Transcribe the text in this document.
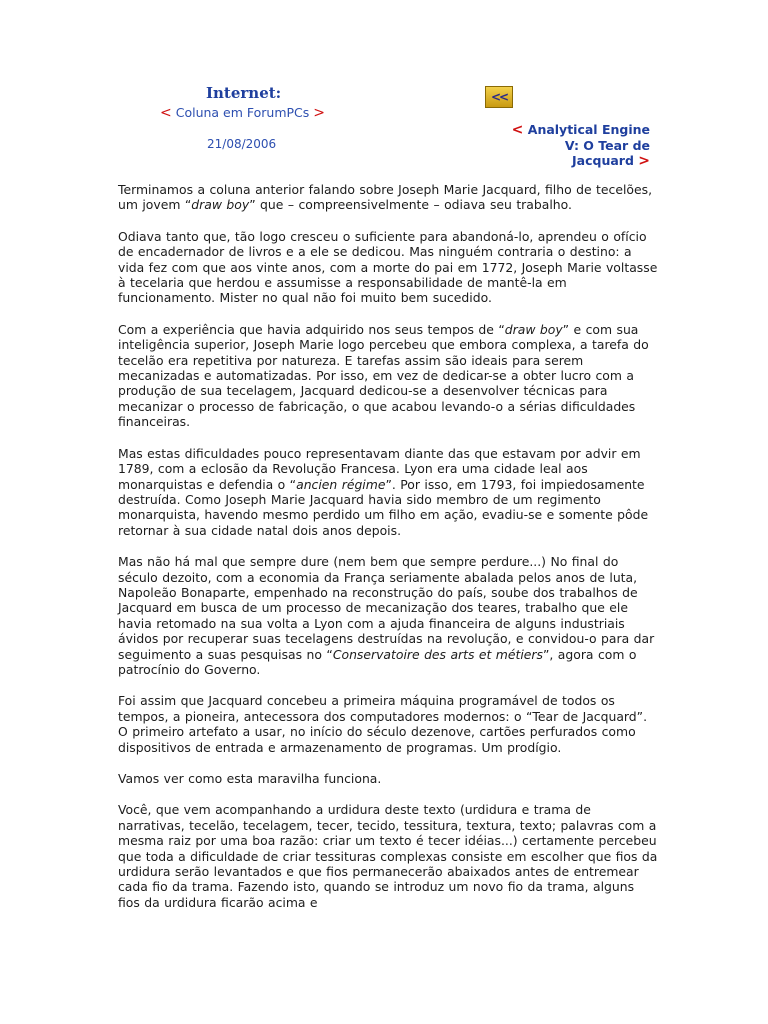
Internet:
< Coluna em ForumPCs >
21/08/2006
<<
< Analytical Engine V: O Tear de Jacquard >

Terminamos a coluna anterior falando sobre Joseph Marie Jacquard, filho de tecelões, um jovem “draw boy” que – compreensivelmente – odiava seu trabalho.

Odiava tanto que, tão logo cresceu o suficiente para abandoná-lo, aprendeu o ofício de encadernador de livros e a ele se dedicou. Mas ninguém contraria o destino: a vida fez com que aos vinte anos, com a morte do pai em 1772, Joseph Marie voltasse à tecelaria que herdou e assumisse a responsabilidade de mantê-la em funcionamento. Mister no qual não foi muito bem sucedido.

Com a experiência que havia adquirido nos seus tempos de “draw boy” e com sua inteligência superior, Joseph Marie logo percebeu que embora complexa, a tarefa do tecelão era repetitiva por natureza. E tarefas assim são ideais para serem mecanizadas e automatizadas. Por isso, em vez de dedicar-se a obter lucro com a produção de sua tecelagem, Jacquard dedicou-se a desenvolver técnicas para mecanizar o processo de fabricação, o que acabou levando-o a sérias dificuldades financeiras.

Mas estas dificuldades pouco representavam diante das que estavam por advir em 1789, com a eclosão da Revolução Francesa. Lyon era uma cidade leal aos monarquistas e defendia o “ancien régime”. Por isso, em 1793, foi impiedosamente destruída. Como Joseph Marie Jacquard havia sido membro de um regimento monarquista, havendo mesmo perdido um filho em ação, evadiu-se e somente pôde retornar à sua cidade natal dois anos depois.

Mas não há mal que sempre dure (nem bem que sempre perdure...) No final do século dezoito, com a economia da França seriamente abalada pelos anos de luta, Napoleão Bonaparte, empenhado na reconstrução do país, soube dos trabalhos de Jacquard em busca de um processo de mecanização dos teares, trabalho que ele havia retomado na sua volta a Lyon com a ajuda financeira de alguns industriais ávidos por recuperar suas tecelagens destruídas na revolução, e convidou-o para dar seguimento a suas pesquisas no “Conservatoire des arts et métiers”, agora com o patrocínio do Governo.

Foi assim que Jacquard concebeu a primeira máquina programável de todos os tempos, a pioneira, antecessora dos computadores modernos: o “Tear de Jacquard”. O primeiro artefato a usar, no início do século dezenove, cartões perfurados como dispositivos de entrada e armazenamento de programas. Um prodígio.

Vamos ver como esta maravilha funciona.

Você, que vem acompanhando a urdidura deste texto (urdidura e trama de narrativas, tecelão, tecelagem, tecer, tecido, tessitura, textura, texto; palavras com a mesma raiz por uma boa razão: criar um texto é tecer idéias...) certamente percebeu que toda a dificuldade de criar tessituras complexas consiste em escolher que fios da urdidura serão levantados e que fios permanecerão abaixados antes de entremear cada fio da trama. Fazendo isto, quando se introduz um novo fio da trama, alguns fios da urdidura ficarão acima e
